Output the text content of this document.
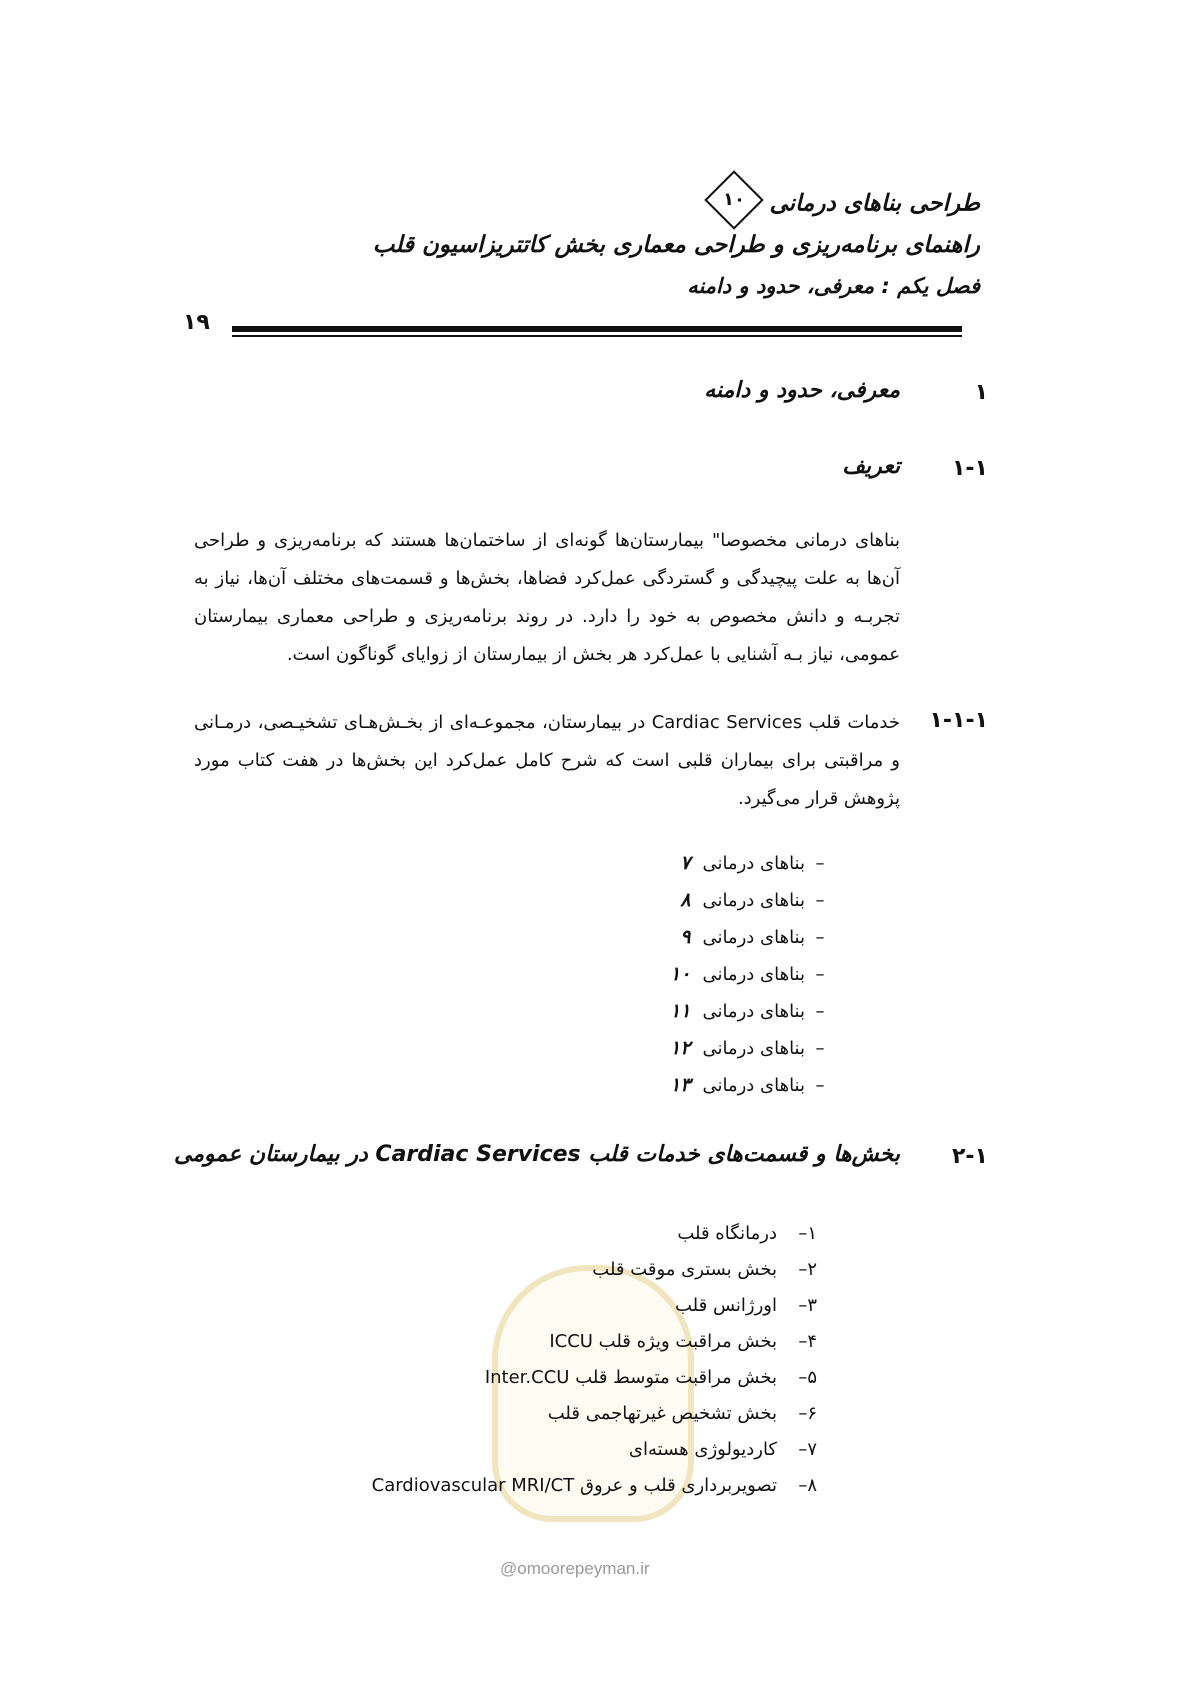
طراحی بناهای درمانی
۱۰
راهنمای برنامه‌ریزی و طراحی معماری بخش کاتتریزاسیون قلب
فصل یکم : معرفی، حدود و دامنه
۱۹
۱
معرفی، حدود و دامنه
۱-۱
تعریف
بناهای درمانی مخصوصا" بیمارستان‌ها گونه‌ای از ساختمان‌ها هستند که برنامه‌ریزی و طراحی آن‌ها به علت پیچیدگی و گستردگی عمل‌کرد فضاها، بخش‌ها و قسمت‌های مختلف آن‌ها، نیاز به تجربـه و دانش مخصوص به خود را دارد. در روند برنامه‌ریزی و طراحی معماری بیمارستان عمومی، نیاز بـه آشنایی با عمل‌کرد هر بخش از بیمارستان از زوایای گوناگون است.
۱-۱-۱
خدمات قلب Cardiac Services در بیمارستان، مجموعـه‌ای از بخـش‌هـای تشخیـصی، درمـانی و مراقبتی برای بیماران قلبی است که شرح کامل عمل‌کرد این بخش‌ها در هفت کتاب مورد پژوهش قرار می‌گیرد.
–بناهای درمانی۷
–بناهای درمانی۸
–بناهای درمانی۹
–بناهای درمانی۱۰
–بناهای درمانی۱۱
–بناهای درمانی۱۲
–بناهای درمانی۱۳
۲-۱
بخش‌ها و قسمت‌های خدمات قلب Cardiac Services در بیمارستان عمومی
۱–درمانگاه قلب
۲–بخش بستری موقت قلب
۳–اورژانس قلب
۴–بخش مراقبت ویژه قلب ICCU
۵–بخش مراقبت متوسط قلب Inter.CCU
۶–بخش تشخیص غیرتهاجمی قلب
۷–کاردیولوژی هسته‌ای
۸–تصویربرداری قلب و عروق Cardiovascular MRI/CT
@omoorepeyman.ir
